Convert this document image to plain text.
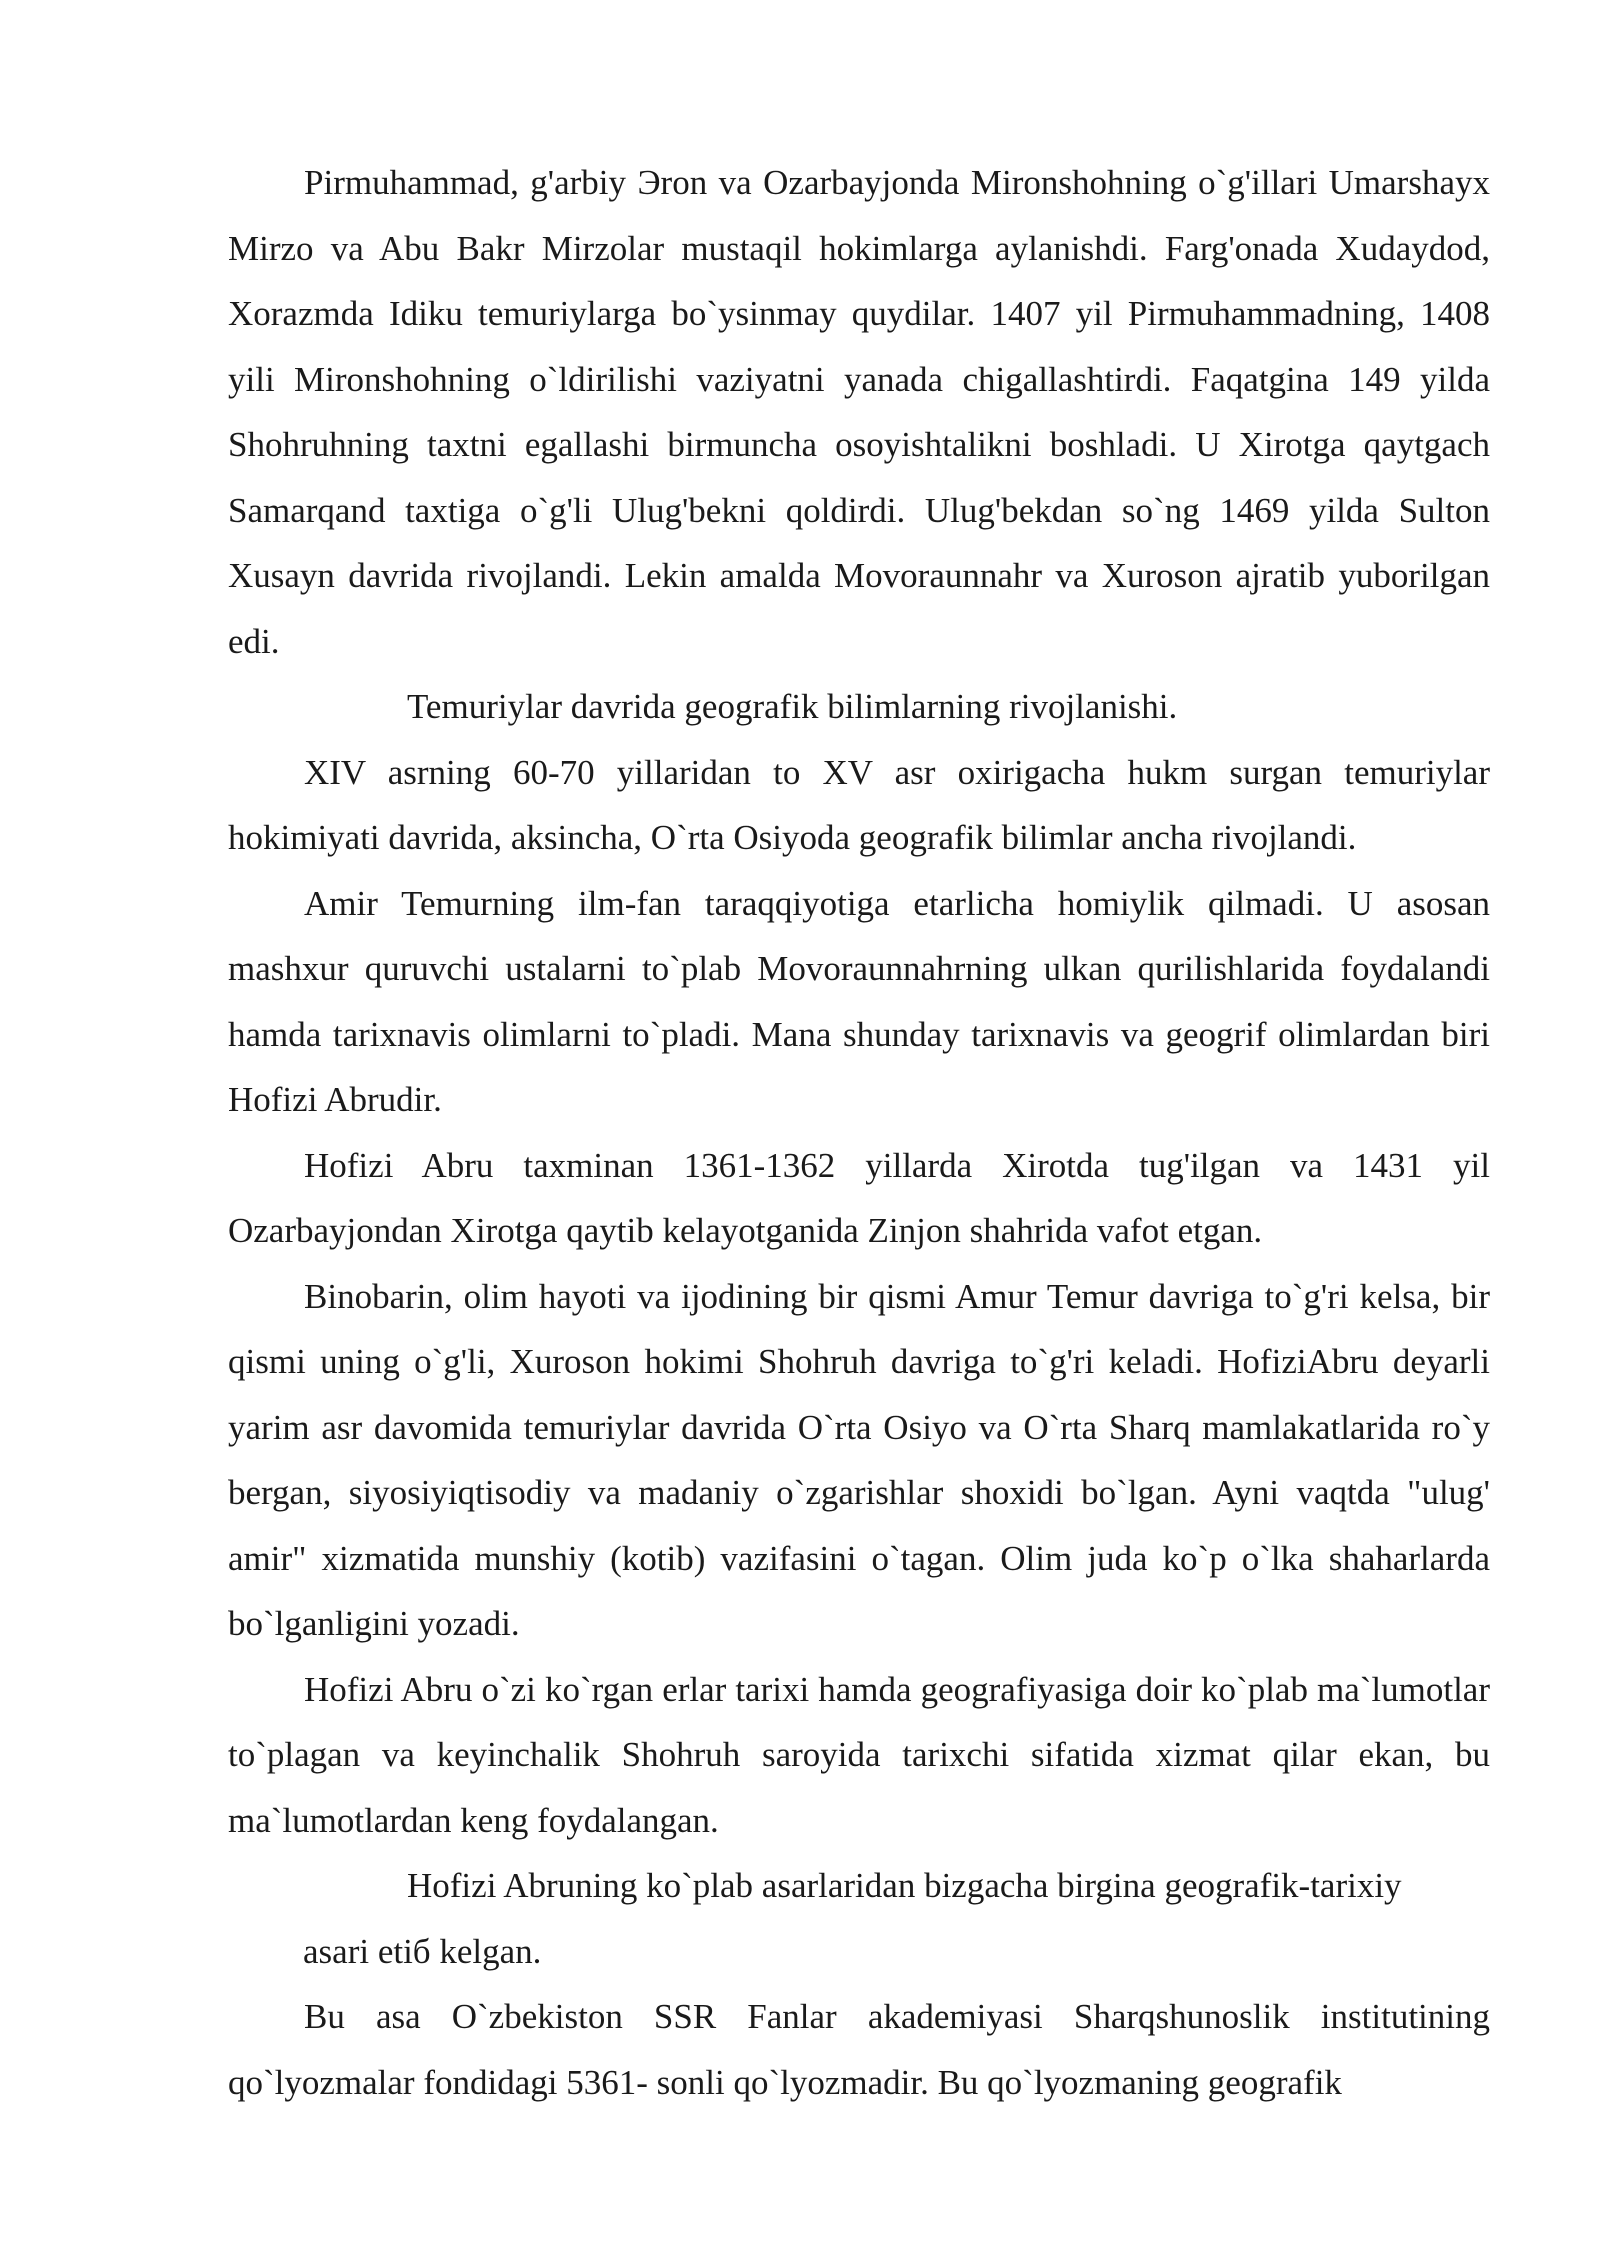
Pirmuhammad, g'arbiy Эron va Ozarbayjonda Mironshohning o`g'illari Umarshayx Mirzo va Abu Bakr Mirzolar mustaqil hokimlarga aylanishdi. Farg'onada Xudaydod, Xorazmda Idiku temuriylarga bo`ysinmay quydilar. 1407 yil Pirmuhammadning, 1408 yili Mironshohning o`ldirilishi vaziyatni yanada chigallashtirdi. Faqatgina 149 yilda Shohruhning taxtni egallashi birmuncha osoyishtalikni boshladi. U Xirotga qaytgach Samarqand taxtiga o`g'li Ulug'bekni qoldirdi. Ulug'bekdan so`ng 1469 yilda Sulton Xusayn davrida rivojlandi. Lekin amalda Movoraunnahr va Xuroson ajratib yuborilgan edi.

Temuriylar davrida geografik bilimlarning rivojlanishi.

XIV asrning 60-70 yillaridan to XV asr oxirigacha hukm surgan temuriylar hokimiyati davrida, aksincha, O`rta Osiyoda geografik bilimlar ancha rivojlandi.

Amir Temurning ilm-fan taraqqiyotiga etarlicha homiylik qilmadi. U asosan mashxur quruvchi ustalarni to`plab Movoraunnahrning ulkan qurilishlarida foydalandi hamda tarixnavis olimlarni to`pladi. Mana shunday tarixnavis va geogrif olimlardan biri Hofizi Abrudir.

Hofizi Abru taxminan 1361-1362 yillarda Xirotda tug'ilgan va 1431 yil Ozarbayjondan Xirotga qaytib kelayotganida Zinjon shahrida vafot etgan.

Binobarin, olim hayoti va ijodining bir qismi Amur Temur davriga to`g'ri kelsa, bir qismi uning o`g'li, Xuroson hokimi Shohruh davriga to`g'ri keladi. HofiziAbru deyarli yarim asr davomida temuriylar davrida O`rta Osiyo va O`rta Sharq mamlakatlarida ro`y bergan, siyosiyiqtisodiy va madaniy o`zgarishlar shoxidi bo`lgan. Ayni vaqtda "ulug' amir" xizmatida munshiy (kotib) vazifasini o`tagan. Olim juda ko`p o`lka shaharlarda bo`lganligini yozadi.

Hofizi Abru o`zi ko`rgan erlar tarixi hamda geografiyasiga doir ko`plab ma`lumotlar to`plagan va keyinchalik Shohruh saroyida tarixchi sifatida xizmat qilar ekan, bu ma`lumotlardan keng foydalangan.

Hofizi Abruning ko`plab asarlaridan bizgacha birgina geografik-tarixiy
asari etiб kelgan.

Bu asa O`zbekiston SSR Fanlar akademiyasi Sharqshunoslik institutining qo`lyozmalar fondidagi 5361- sonli qo`lyozmadir. Bu qo`lyozmaning geografik
